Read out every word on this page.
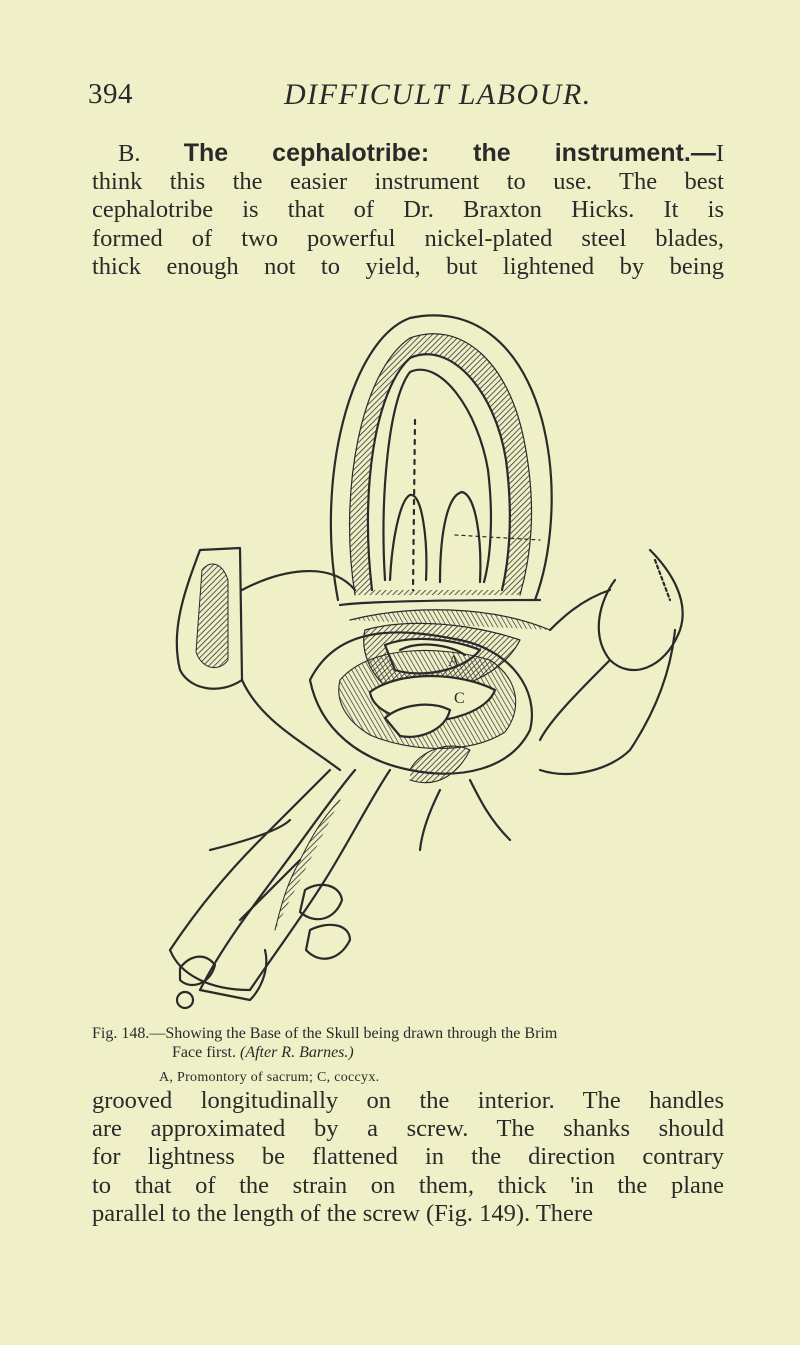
394	DIFFICULT LABOUR.

B. The cephalotribe: the instrument.—I

think this the easier instrument to use. The best

cephalotribe is that of Dr. Braxton Hicks. It is

formed of two powerful nickel-plated steel blades,

thick enough not to yield, but lightened by being

A
C
Fig. 148.—Showing the Base of the Skull being drawn through the Brim
Face first. (After R. Barnes.)
A, Promontory of sacrum; C, coccyx.

grooved longitudinally on the interior. The handles

are approximated by a screw. The shanks should

for lightness be flattened in the direction contrary

to that of the strain on them, thick 'in the plane

parallel to the length of the screw (Fig. 149). There
